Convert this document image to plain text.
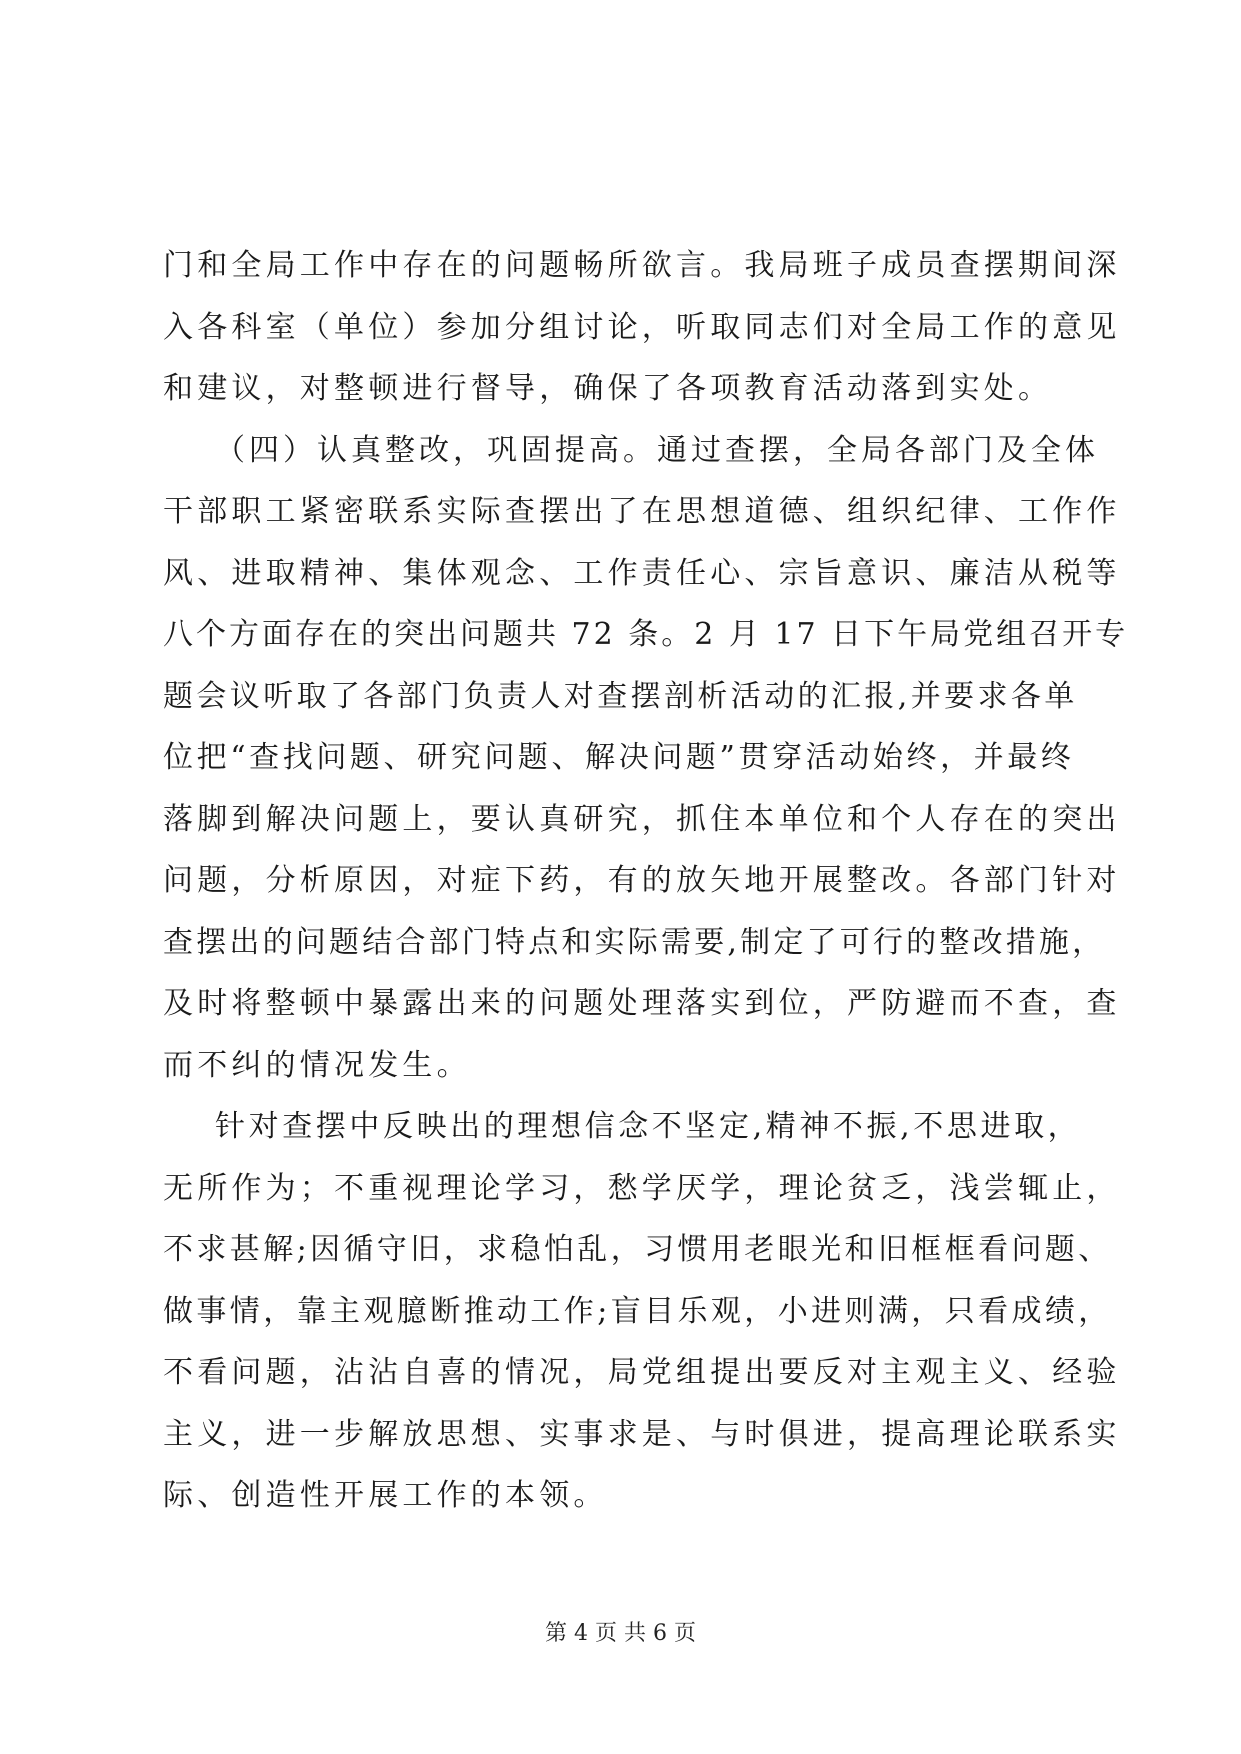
门和全局工作中存在的问题畅所欲言。我局班子成员查摆期间深
入各科室（单位）参加分组讨论，听取同志们对全局工作的意见
和建议，对整顿进行督导，确保了各项教育活动落到实处。
（四）认真整改，巩固提高。通过查摆，全局各部门及全体
干部职工紧密联系实际查摆出了在思想道德、组织纪律、工作作
风、进取精神、集体观念、工作责任心、宗旨意识、廉洁从税等
八个方面存在的突出问题共 72 条。2 月 17 日下午局党组召开专
题会议听取了各部门负责人对查摆剖析活动的汇报,并要求各单
位把“查找问题、研究问题、解决问题”贯穿活动始终，并最终
落脚到解决问题上，要认真研究，抓住本单位和个人存在的突出
问题，分析原因，对症下药，有的放矢地开展整改。各部门针对
查摆出的问题结合部门特点和实际需要,制定了可行的整改措施，
及时将整顿中暴露出来的问题处理落实到位，严防避而不查，查
而不纠的情况发生。
针对查摆中反映出的理想信念不坚定,精神不振,不思进取，
无所作为；不重视理论学习，愁学厌学，理论贫乏，浅尝辄止，
不求甚解;因循守旧，求稳怕乱，习惯用老眼光和旧框框看问题、
做事情，靠主观臆断推动工作;盲目乐观，小进则满，只看成绩，
不看问题，沾沾自喜的情况，局党组提出要反对主观主义、经验
主义，进一步解放思想、实事求是、与时俱进，提高理论联系实
际、创造性开展工作的本领。
第 4 页 共 6 页
